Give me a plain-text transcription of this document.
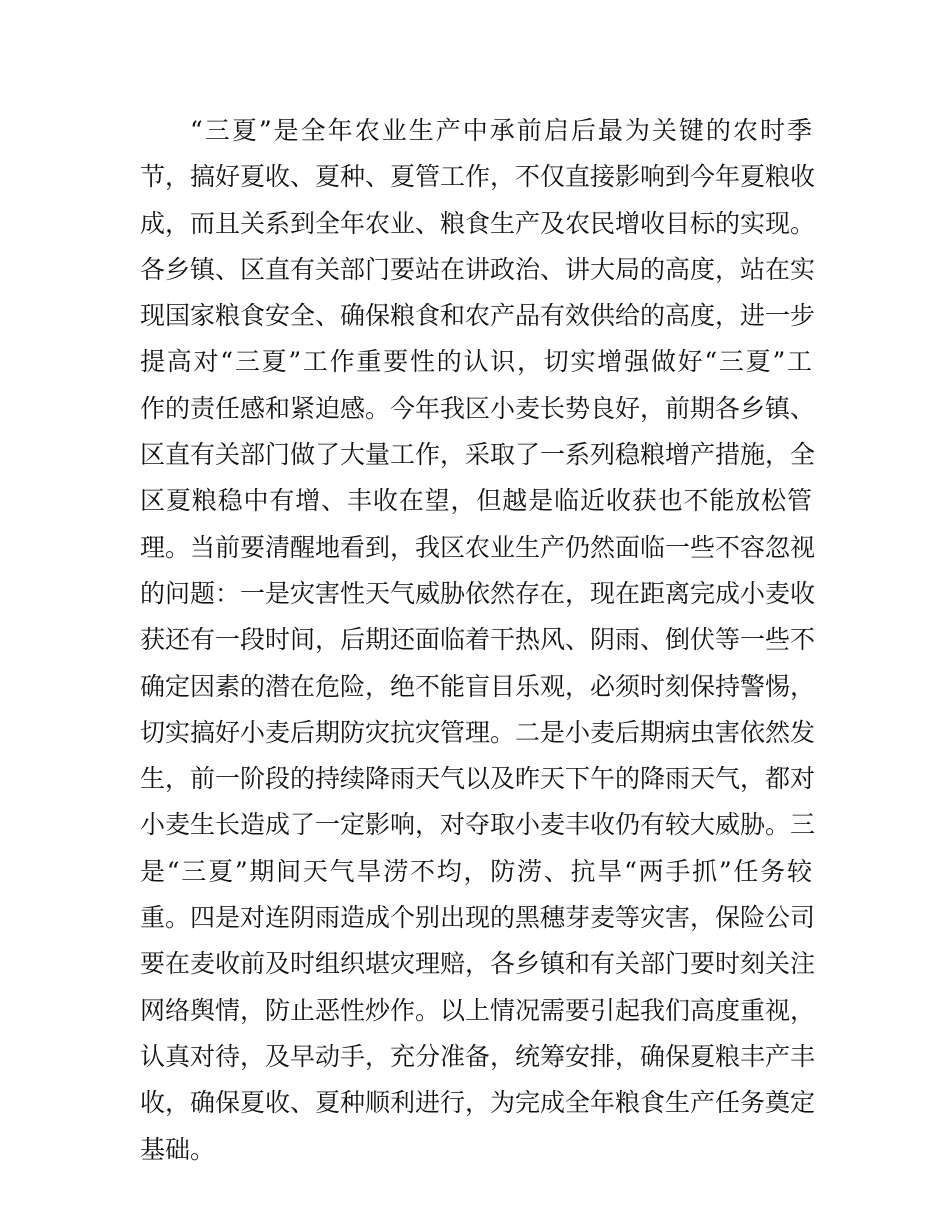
“三夏”是全年农业生产中承前启后最为关键的农时季
节，搞好夏收、夏种、夏管工作，不仅直接影响到今年夏粮收
成，而且关系到全年农业、粮食生产及农民增收目标的实现。
各乡镇、区直有关部门要站在讲政治、讲大局的高度，站在实
现国家粮食安全、确保粮食和农产品有效供给的高度，进一步
提高对“三夏”工作重要性的认识，切实增强做好“三夏”工
作的责任感和紧迫感。今年我区小麦长势良好，前期各乡镇、
区直有关部门做了大量工作，采取了一系列稳粮增产措施，全
区夏粮稳中有增、丰收在望，但越是临近收获也不能放松管
理。当前要清醒地看到，我区农业生产仍然面临一些不容忽视
的问题：一是灾害性天气威胁依然存在，现在距离完成小麦收
获还有一段时间，后期还面临着干热风、阴雨、倒伏等一些不
确定因素的潜在危险，绝不能盲目乐观，必须时刻保持警惕，
切实搞好小麦后期防灾抗灾管理。二是小麦后期病虫害依然发
生，前一阶段的持续降雨天气以及昨天下午的降雨天气，都对
小麦生长造成了一定影响，对夺取小麦丰收仍有较大威胁。三
是“三夏”期间天气旱涝不均，防涝、抗旱“两手抓”任务较
重。四是对连阴雨造成个别出现的黑穗芽麦等灾害，保险公司
要在麦收前及时组织堪灾理赔，各乡镇和有关部门要时刻关注
网络舆情，防止恶性炒作。以上情况需要引起我们高度重视，
认真对待，及早动手，充分准备，统筹安排，确保夏粮丰产丰
收，确保夏收、夏种顺利进行，为完成全年粮食生产任务奠定
基础。
